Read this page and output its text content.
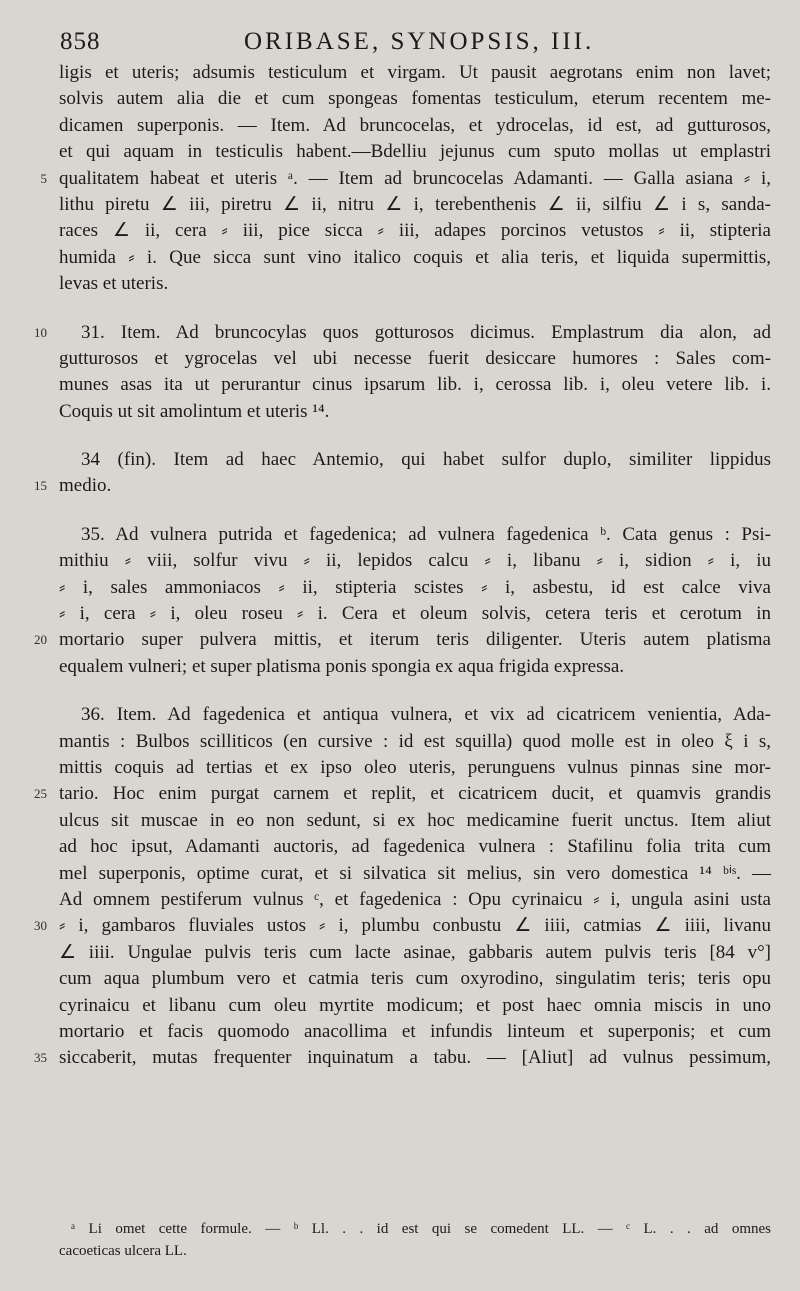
858	ORIBASE, SYNOPSIS, III.
ligis et uteris; adsumis testiculum et virgam. Ut pausit aegrotans enim non lavet;
solvis autem alia die et cum spongeas fomentas testiculum, eterum recentem me-
dicamen superponis. — Item. Ad bruncocelas, et ydrocelas, id est, ad gutturosos,
et qui aquam in testiculis habent.—Bdelliu jejunus cum sputo mollas ut emplastri
5 qualitatem habeat et uteris ᵃ. — Item ad bruncocelas Adamanti. — Galla asiana ⸗ i,
lithu piretu ∠ iii, piretru ∠ ii, nitru ∠ i, terebenthenis ∠ ii, silfiu ∠ i s, sanda-
races ∠ ii, cera ⸗ iii, pice sicca ⸗ iii, adapes porcinos vetustos ⸗ ii, stipteria
humida ⸗ i. Que sicca sunt vino italico coquis et alia teris, et liquida supermittis,
levas et uteris.
10 31. Item. Ad bruncocylas quos gotturosos dicimus. Emplastrum dia alon, ad
gutturosos et ygrocelas vel ubi necesse fuerit desiccare humores : Sales com-
munes asas ita ut perurantur cinus ipsarum lib. i, cerossa lib. i, oleu vetere lib. i.
Coquis ut sit amolintum et uteris ¹⁴.
34 (fin). Item ad haec Antemio, qui habet sulfor duplo, similiter lippidus
15 medio.
35. Ad vulnera putrida et fagedenica; ad vulnera fagedenica ᵇ. Cata genus : Psi-
mithiu ⸗ viii, solfur vivu ⸗ ii, lepidos calcu ⸗ i, libanu ⸗ i, sidion ⸗ i, iu
⸗ i, sales ammoniacos ⸗ ii, stipteria scistes ⸗ i, asbestu, id est calce viva
⸗ i, cera ⸗ i, oleu roseu ⸗ i. Cera et oleum solvis, cetera teris et cerotum in
20 mortario super pulvera mittis, et iterum teris diligenter. Uteris autem platisma
equalem vulneri; et super platisma ponis spongia ex aqua frigida expressa.
36. Item. Ad fagedenica et antiqua vulnera, et vix ad cicatricem venientia, Ada-
mantis : Bulbos scilliticos (en cursive : id est squilla) quod molle est in oleo ξ i s,
mittis coquis ad tertias et ex ipso oleo uteris, perunguens vulnus pinnas sine mor-
25 tario. Hoc enim purgat carnem et replit, et cicatricem ducit, et quamvis grandis
ulcus sit muscae in eo non sedunt, si ex hoc medicamine fuerit unctus. Item aliut
ad hoc ipsut, Adamanti auctoris, ad fagedenica vulnera : Stafilinu folia trita cum
mel superponis, optime curat, et si silvatica sit melius, sin vero domestica ¹⁴ ᵇⁱˢ. —
Ad omnem pestiferum vulnus ᶜ, et fagedenica : Opu cyrinaicu ⸗ i, ungula asini usta
30 ⸗ i, gambaros fluviales ustos ⸗ i, plumbu conbustu ∠ iiii, catmias ∠ iiii, livanu
∠ iiii. Ungulae pulvis teris cum lacte asinae, gabbaris autem pulvis teris [84 v°]
cum aqua plumbum vero et catmia teris cum oxyrodino, singulatim teris; teris opu
cyrinaicu et libanu cum oleu myrtite modicum; et post haec omnia miscis in uno
mortario et facis quomodo anacollima et infundis linteum et superponis; et cum
35 siccaberit, mutas frequenter inquinatum a tabu. — [Aliut] ad vulnus pessimum,
ᵃ Li omet cette formule. — ᵇ Ll. . . id est qui se comedent LL. — ᶜ L. . . ad omnes
cacoeticas ulcera LL.
